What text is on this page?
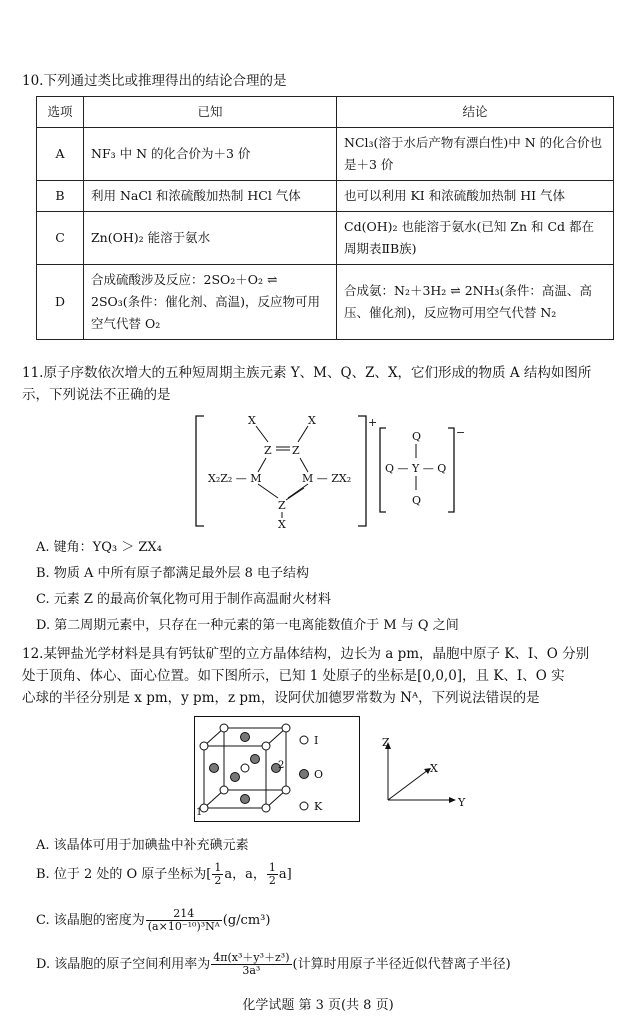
10.下列通过类比或推理得出的结论合理的是
选项	已知	结论
A	NF₃ 中 N 的化合价为＋3 价	NCl₃(溶于水后产物有漂白性)中 N 的化合价也是＋3 价
B	利用 NaCl 和浓硫酸加热制 HCl 气体	也可以利用 KI 和浓硫酸加热制 HI 气体
C	Zn(OH)₂ 能溶于氨水	Cd(OH)₂ 也能溶于氨水(已知 Zn 和 Cd 都在周期表ⅡB族)
D	合成硫酸涉及反应：2SO₂＋O₂ ⇌ 2SO₃(条件：催化剂、高温)，反应物可用空气代替 O₂	合成氨：N₂＋3H₂ ⇌ 2NH₃(条件：高温、高压、催化剂)，反应物可用空气代替 N₂
11.原子序数依次增大的五种短周期主族元素 Y、M、Q、Z、X，它们形成的物质 A 结构如图所
示，下列说法不正确的是
+
X	X
Z Z
X₂Z₂ — M	M — ZX₂
Z
X
−
Q
Q — Y — Q
Q
A. 键角：YQ₃ ＞ ZX₄
B. 物质 A 中所有原子都满足最外层 8 电子结构
C. 元素 Z 的最高价氧化物可用于制作高温耐火材料
D. 第二周期元素中，只存在一种元素的第一电离能数值介于 M 与 Q 之间
12.某钾盐光学材料是具有钙钛矿型的立方晶体结构，边长为 a pm，晶胞中原子 K、I、O 分别
处于顶角、体心、面心位置。如下图所示，已知 1 处原子的坐标是[0,0,0]，且 K、I、O 实
心球的半径分别是 x pm，y pm，z pm，设阿伏加德罗常数为 Nᴬ，下列说法错误的是
1
2
I
O
K
Z
X
Y
A. 该晶体可用于加碘盐中补充碘元素
B. 位于 2 处的 O 原子坐标为[ $\frac{1}{2}$ a，a， $\frac{1}{2} a$]
C. 该晶胞的密度为 $\frac{214}{\text{(a×10⁻¹⁰)³Nᴬ}} (g/cm^3)$
D. 该晶胞的原子空间利用率为 $\frac{\text{4π(x³＋y³＋z³)}}{\text{3a³}}$ (计算时用原子半径近似代替离子半径)
化学试题 第 3 页(共 8 页)
